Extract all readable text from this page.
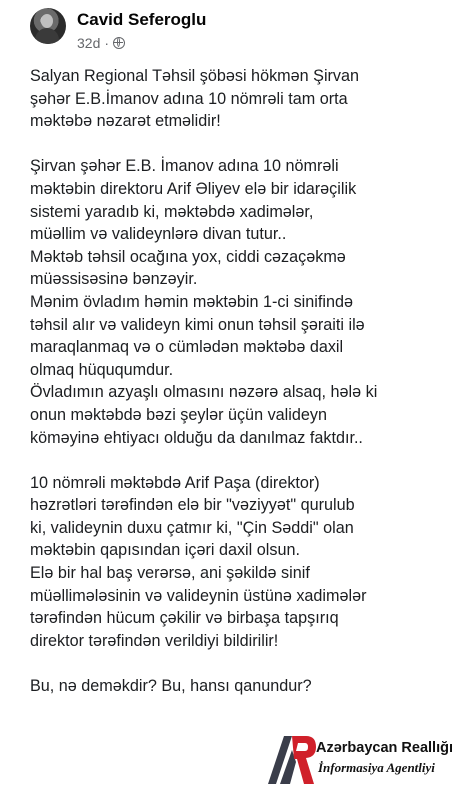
Cavid Seferoglu
32d ·

Salyan Regional Təhsil şöbəsi hökmən Şirvan
şəhər E.B.İmanov adına 10 nömrəli tam orta
məktəbə nəzarət etməlidir!

Şirvan şəhər E.B. İmanov adına 10 nömrəli
məktəbin direktoru Arif Əliyev elə bir idarəçilik
sistemi yaradıb ki, məktəbdə xadimələr,
müəllim və valideynlərə divan tutur..
Məktəb təhsil ocağına yox, ciddi cəzaçəkmə
müəssisəsinə bənzəyir.
Mənim övladım həmin məktəbin 1-ci sinifində
təhsil alır və valideyn kimi onun təhsil şəraiti ilə
maraqlanmaq və o cümlədən məktəbə daxil
olmaq hüququmdur.
Övladımın azyaşlı olmasını nəzərə alsaq, hələ ki
onun məktəbdə bəzi şeylər üçün valideyn
köməyinə ehtiyacı olduğu da danılmaz faktdır..

10 nömrəli məktəbdə Arif Paşa (direktor)
həzrətləri tərəfindən elə bir "vəziyyət" qurulub
ki, valideynin duxu çatmır ki, "Çin Səddi" olan
məktəbin qapısından içəri daxil olsun.
Elə bir hal baş verərsə, ani şəkildə sinif
müəllimələsinin və valideynin üstünə xadimələr
tərəfindən hücum çəkilir və birbaşa tapşırıq
direktor tərəfindən verildiyi bildirilir!

Bu, nə deməkdir? Bu, hansı qanundur?

Azərbaycan Reallığı
İnformasiya Agentliyi
